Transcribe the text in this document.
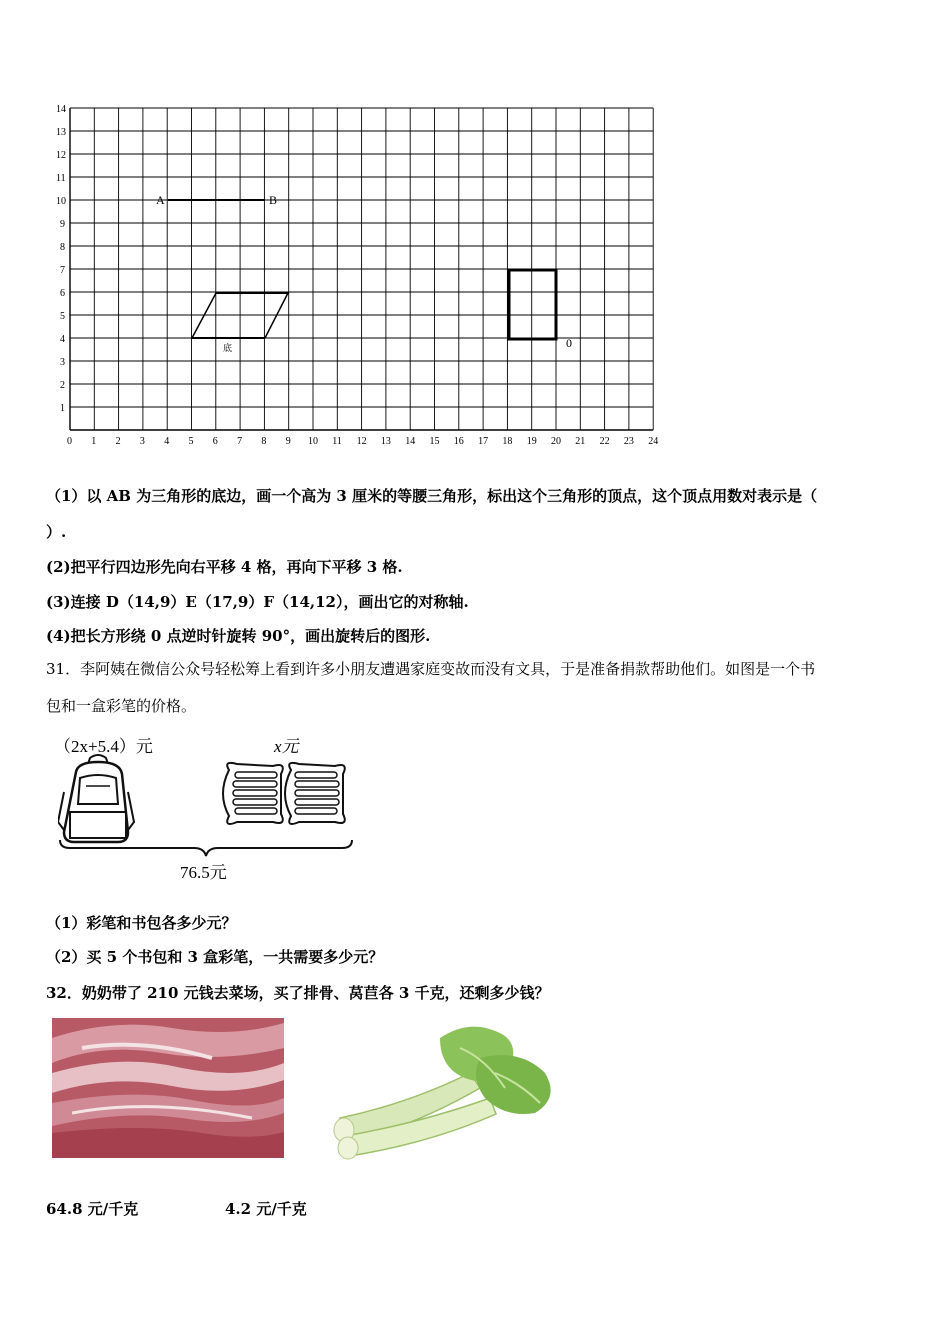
0 1 2 3 4 5 6 7 8 9 10 11 12 13 14 15 16 17 18 19 20 21 22 23 24
1
2
3
4
5
6
7
8
9
10
11
12
13
14
A	B
底	0
（1）以 AB 为三角形的底边，画一个高为 3 厘米的等腰三角形，标出这个三角形的顶点，这个顶点用数对表示是（
）.
(2)把平行四边形先向右平移 4 格，再向下平移 3 格.
(3)连接 D（14,9）E（17,9）F（14,12），画出它的对称轴.
(4)把长方形绕 0 点逆时针旋转 90°，画出旋转后的图形.
31．李阿姨在微信公众号轻松筹上看到许多小朋友遭遇家庭变故而没有文具，于是准备捐款帮助他们。如图是一个书
包和一盒彩笔的价格。
（2x+5.4）元	x元
76.5元
（1）彩笔和书包各多少元？
（2）买 5 个书包和 3 盒彩笔，一共需要多少元？
32．奶奶带了 210 元钱去菜场，买了排骨、莴苣各 3 千克，还剩多少钱？
64.8 元/千克	4.2 元/千克
